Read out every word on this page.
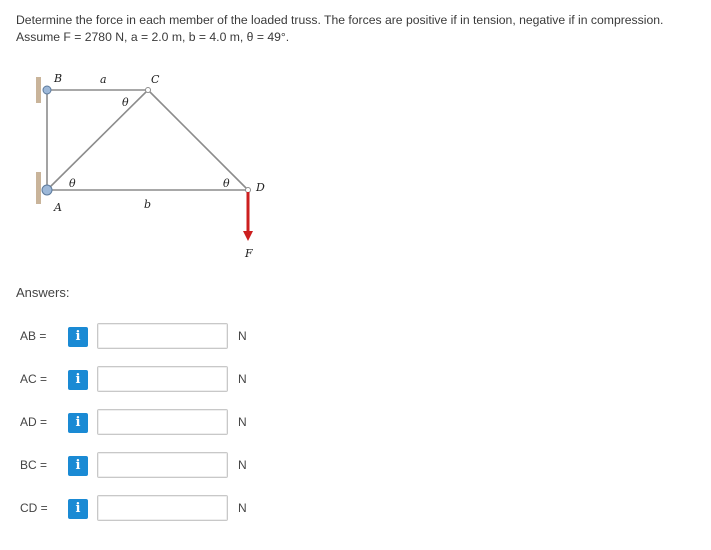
Determine the force in each member of the loaded truss. The forces are positive if in tension, negative if in compression.
Assume F = 2780 N, a = 2.0 m, b = 4.0 m, θ = 49°.
B	a	C
θ
θ	θ D
A	b
F
Answers:
AB =	i	N
AC =	i	N
AD =	i	N
BC =	i	N
CD =	i	N
